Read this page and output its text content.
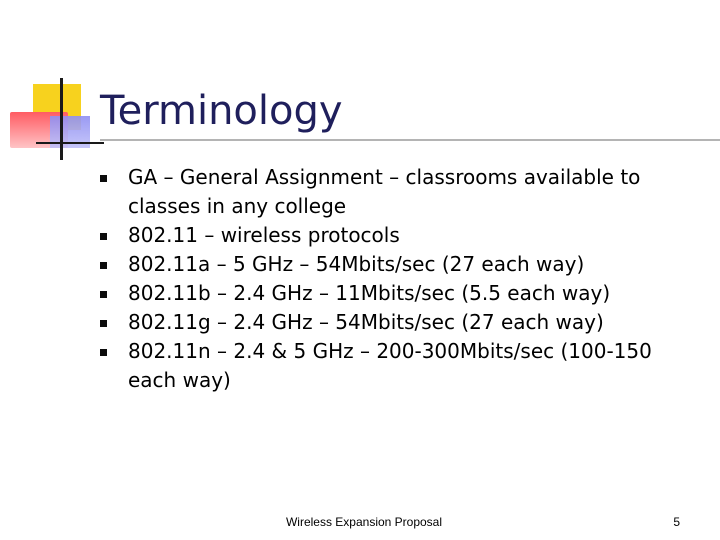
Terminology
GA – General Assignment – classrooms available to classes in any college
802.11 – wireless protocols
802.11a – 5 GHz – 54Mbits/sec (27 each way)
802.11b – 2.4 GHz – 11Mbits/sec (5.5 each way)
802.11g – 2.4 GHz – 54Mbits/sec (27 each way)
802.11n – 2.4 & 5 GHz – 200-300Mbits/sec (100-150 each way)
Wireless Expansion Proposal	5
